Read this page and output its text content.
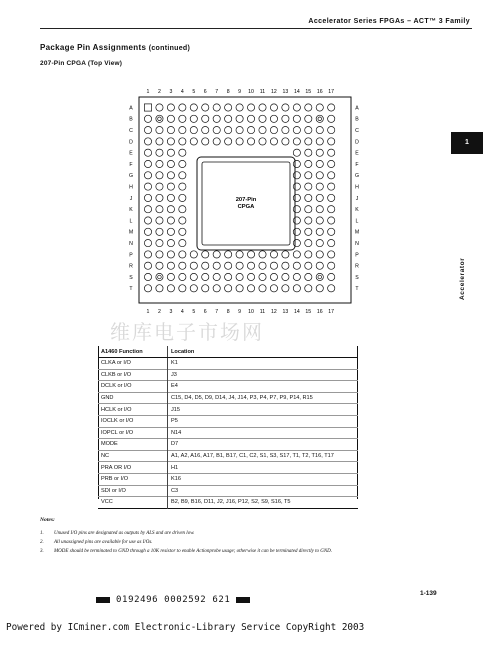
Accelerator Series FPGAs – ACT™ 3 Family
Package Pin Assignments (continued)
207-Pin CPGA (Top View)
1
Accelerator
207-Pin
CPGA
1
1
2
2
3
3
4
4
5
5
6
6
7
7
8
8
9
9
10
10
11
11
12
12
13
13
14
14
15
15
16
16
17
17
A	A
B	B
C	C
D	D
E	E
F	F
G	G
H	H
J	J
K	K
L	L
M	M
N	N
P	P
R	R
S	S
T	T
维库电子市场网
A1460 Function	Location
CLKA or I/O	K1
CLKB or I/O	J3
DCLK or I/O	E4
GND	C15, D4, D5, D9, D14, J4, J14, P3, P4, P7, P9, P14, R15
HCLK or I/O	J15
IOCLK or I/O	P5
IOPCL or I/O	N14
MODE	D7
NC	A1, A2, A16, A17, B1, B17, C1, C2, S1, S3, S17, T1, T2, T16, T17
PRA OR I/O	H1
PRB or I/O	K16
SDI or I/O	C3
VCC	B2, B9, B16, D11, J2, J16, P12, S2, S9, S16, T5
Notes:
1. Unused I/O pins are designated as outputs by ALS and are driven low.
2. All unassigned pins are available for use as I/Os.
3. MODE should be terminated to GND through a 10K resistor to enable Actionprobe usage; otherwise it can be terminated directly to GND.
1-139
0192496 0002592 621
Powered by ICminer.com Electronic-Library Service CopyRight 2003
